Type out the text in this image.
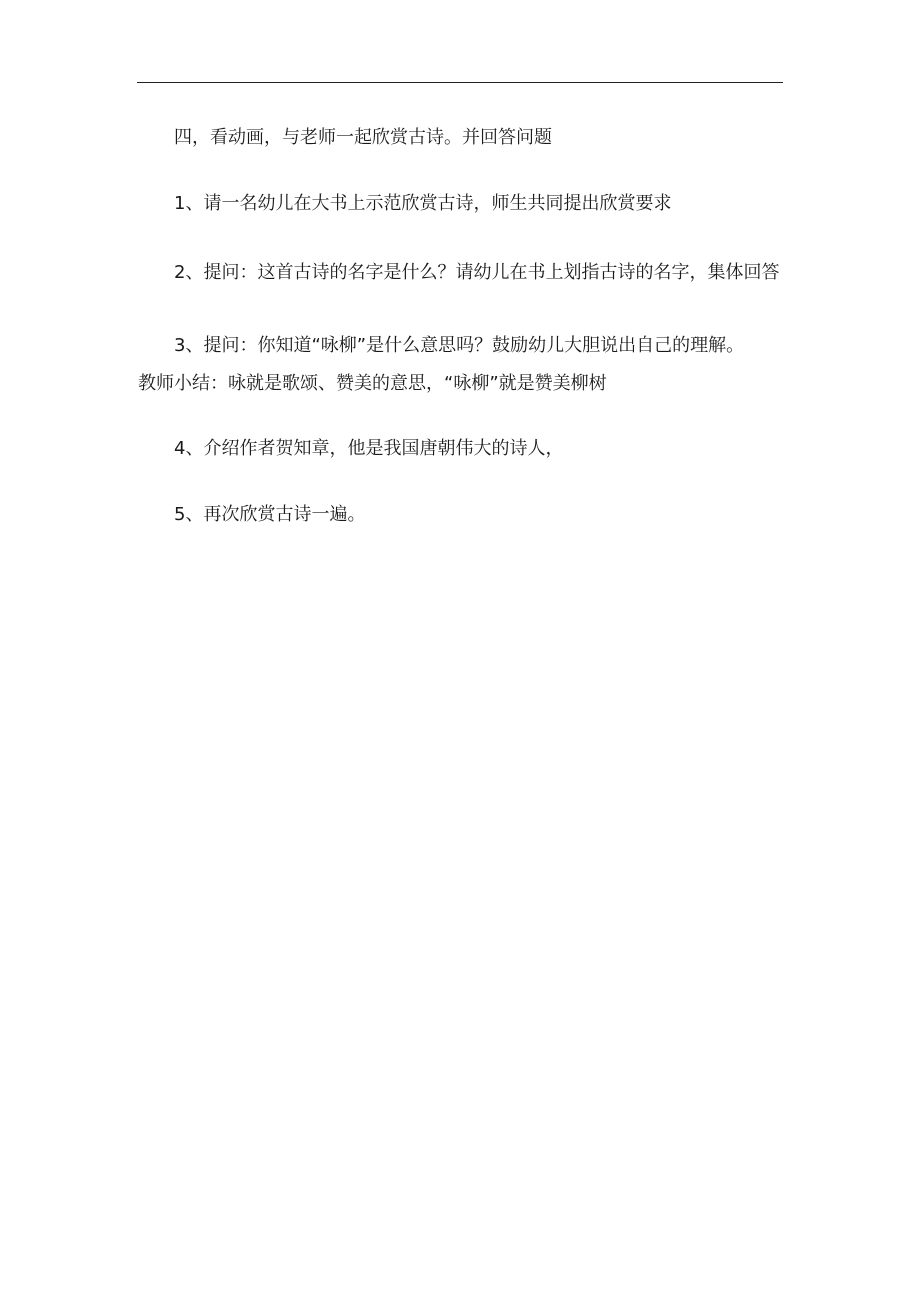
四，看动画，与老师一起欣赏古诗。并回答问题

1、请一名幼儿在大书上示范欣赏古诗，师生共同提出欣赏要求

2、提问：这首古诗的名字是什么？请幼儿在书上划指古诗的名字，集体回答

3、提问：你知道“咏柳”是什么意思吗？鼓励幼儿大胆说出自己的理解。
教师小结：咏就是歌颂、赞美的意思，“咏柳”就是赞美柳树

4、介绍作者贺知章，他是我国唐朝伟大的诗人，

5、再次欣赏古诗一遍。
